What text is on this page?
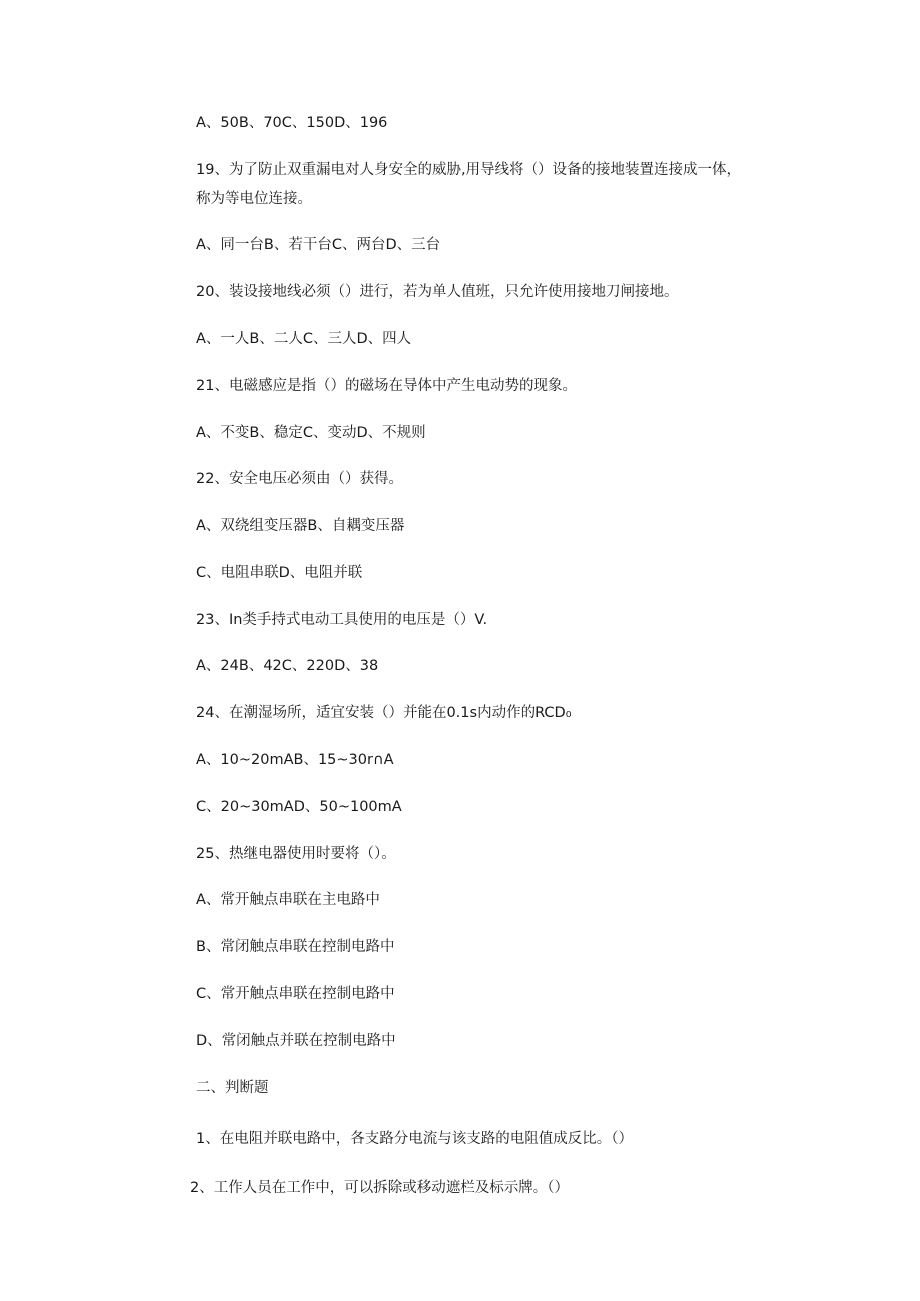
A、50B、70C、150D、196
19、为了防止双重漏电对人身安全的威胁,用导线将（）设备的接地装置连接成一体，
称为等电位连接。
A、同一台B、若干台C、两台D、三台
20、装设接地线必须（）进行，若为单人值班，只允许使用接地刀闸接地。
A、一人B、二人C、三人D、四人
21、电磁感应是指（）的磁场在导体中产生电动势的现象。
A、不变B、稳定C、变动D、不规则
22、安全电压必须由（）获得。
A、双绕组变压器B、自耦变压器
C、电阻串联D、电阻并联
23、In类手持式电动工具使用的电压是（）V.
A、24B、42C、220D、38
24、在潮湿场所，适宜安装（）并能在0.1s内动作的RCD₀
A、10~20mAB、15~30r∩A
C、20~30mAD、50~100mA
25、热继电器使用时要将（）。
A、常开触点串联在主电路中
B、常闭触点串联在控制电路中
C、常开触点串联在控制电路中
D、常闭触点并联在控制电路中
二、判断题
1、在电阻并联电路中，各支路分电流与该支路的电阻值成反比。（）
2、工作人员在工作中，可以拆除或移动遮栏及标示牌。（）
